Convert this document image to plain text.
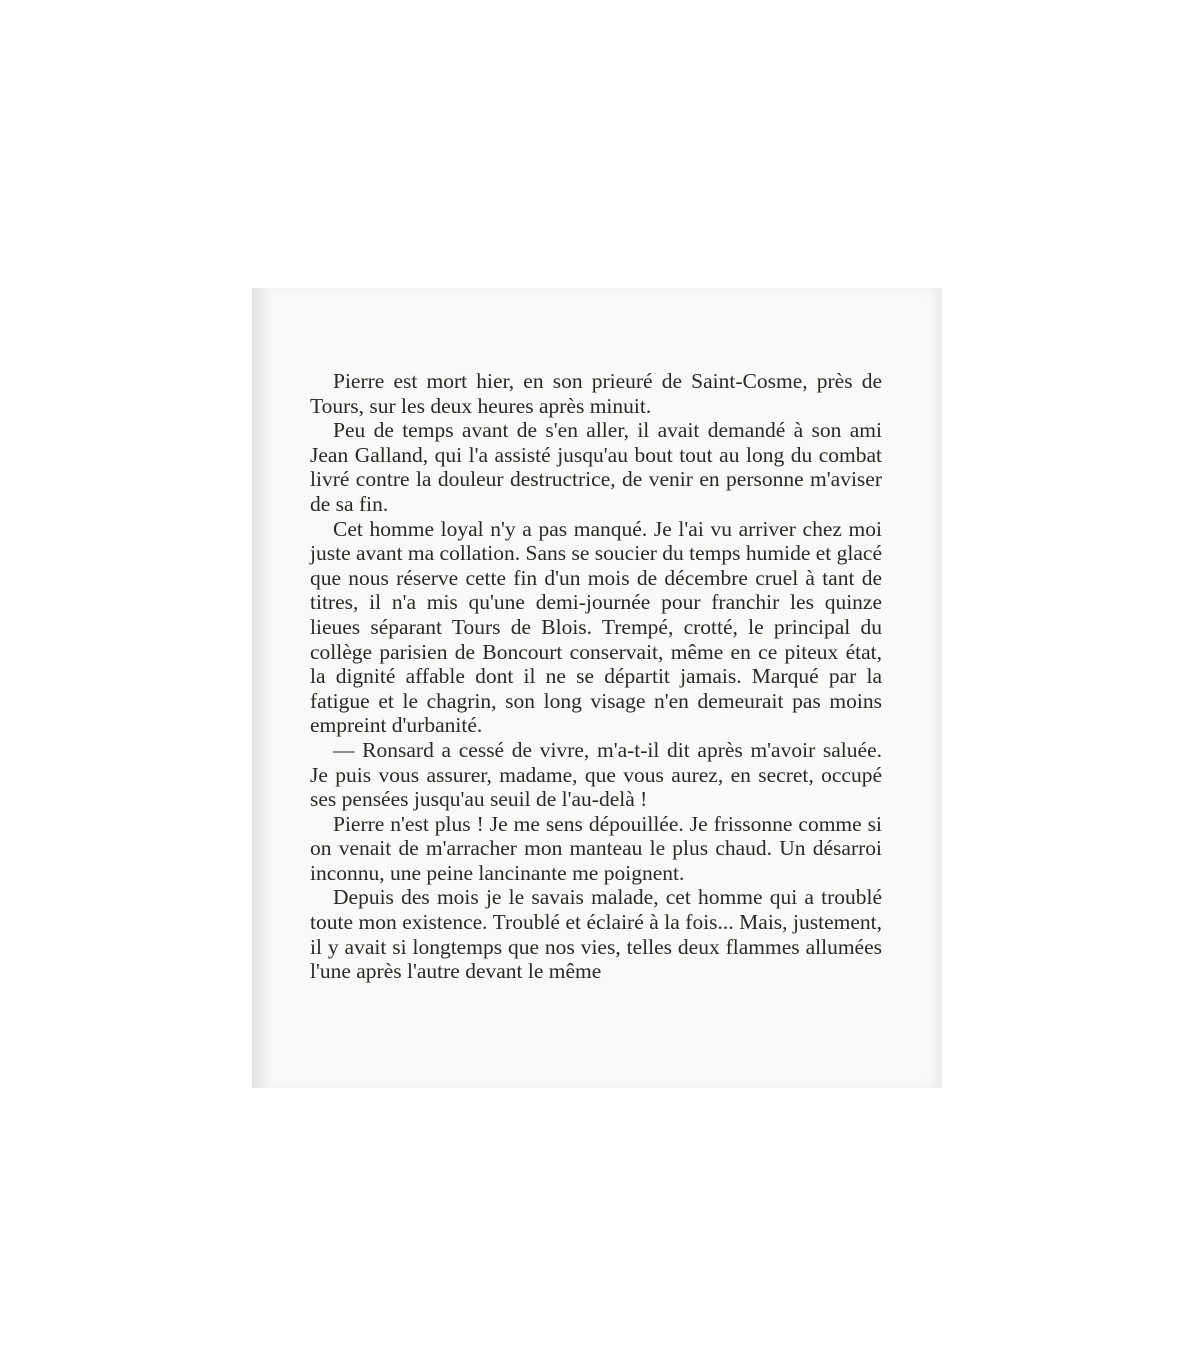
Pierre est mort hier, en son prieuré de Saint-Cosme, près de Tours, sur les deux heures après minuit.

Peu de temps avant de s'en aller, il avait demandé à son ami Jean Galland, qui l'a assisté jusqu'au bout tout au long du combat livré contre la douleur destructrice, de venir en personne m'aviser de sa fin.

Cet homme loyal n'y a pas manqué. Je l'ai vu arriver chez moi juste avant ma collation. Sans se soucier du temps humide et glacé que nous réserve cette fin d'un mois de décembre cruel à tant de titres, il n'a mis qu'une demi-journée pour franchir les quinze lieues séparant Tours de Blois. Trempé, crotté, le principal du collège parisien de Boncourt conservait, même en ce piteux état, la dignité affable dont il ne se départit jamais. Marqué par la fatigue et le chagrin, son long visage n'en demeurait pas moins empreint d'urbanité.

— Ronsard a cessé de vivre, m'a-t-il dit après m'avoir saluée. Je puis vous assurer, madame, que vous aurez, en secret, occupé ses pensées jusqu'au seuil de l'au-delà !

Pierre n'est plus ! Je me sens dépouillée. Je frissonne comme si on venait de m'arracher mon manteau le plus chaud. Un désarroi inconnu, une peine lancinante me poignent.

Depuis des mois je le savais malade, cet homme qui a troublé toute mon existence. Troublé et éclairé à la fois... Mais, justement, il y avait si longtemps que nos vies, telles deux flammes allumées l'une après l'autre devant le même
